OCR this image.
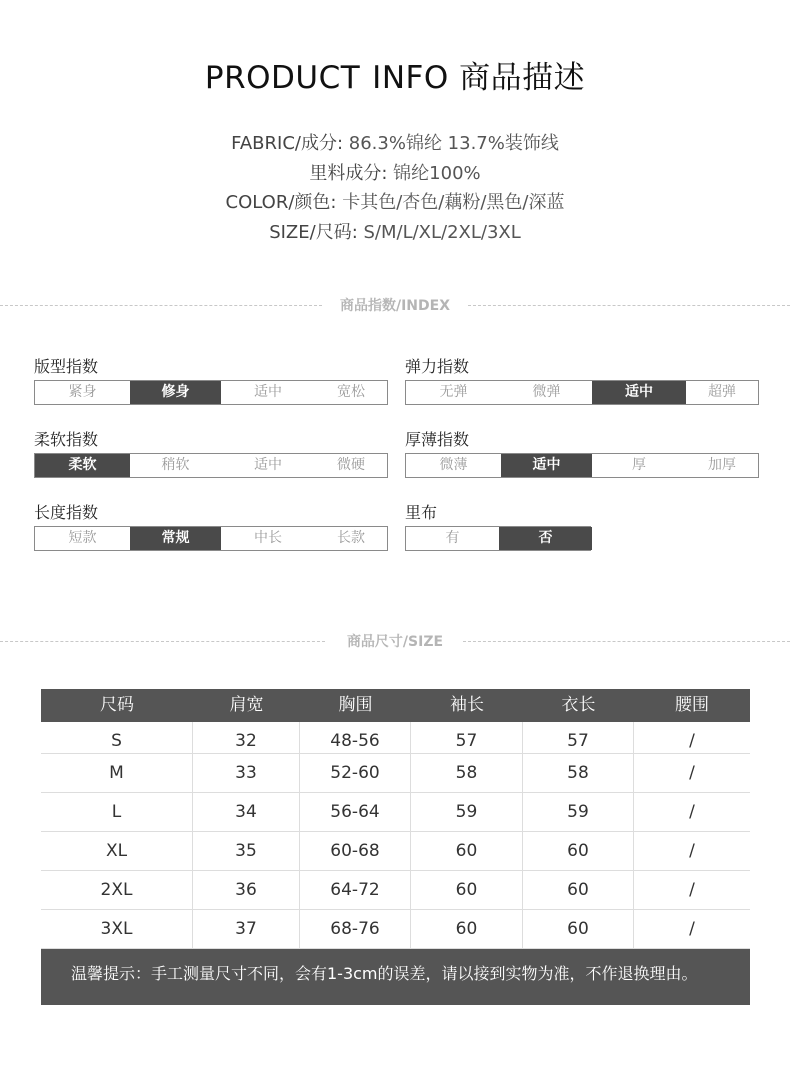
PRODUCT INFO 商品描述
FABRIC/成分: 86.3%锦纶 13.7%装饰线
里料成分: 锦纶100%
COLOR/颜色: 卡其色/杏色/藕粉/黑色/深蓝
SIZE/尺码: S/M/L/XL/2XL/3XL
商品指数/INDEX
版型指数
紧身	修身	适中	宽松
弹力指数
无弹	微弹	适中	超弹
柔软指数
柔软	稍软	适中	微硬
厚薄指数
微薄	适中	厚	加厚
长度指数
短款	常规	中长	长款
里布
有	否
商品尺寸/SIZE
尺码	肩宽	胸围	袖长	衣长	腰围
S	32	48-56	57	57	/
M	33	52-60	58	58	/
L	34	56-64	59	59	/
XL	35	60-68	60	60	/
2XL	36	64-72	60	60	/
3XL	37	68-76	60	60	/
温馨提示：手工测量尺寸不同，会有1-3cm的误差，请以接到实物为准，不作退换理由。
